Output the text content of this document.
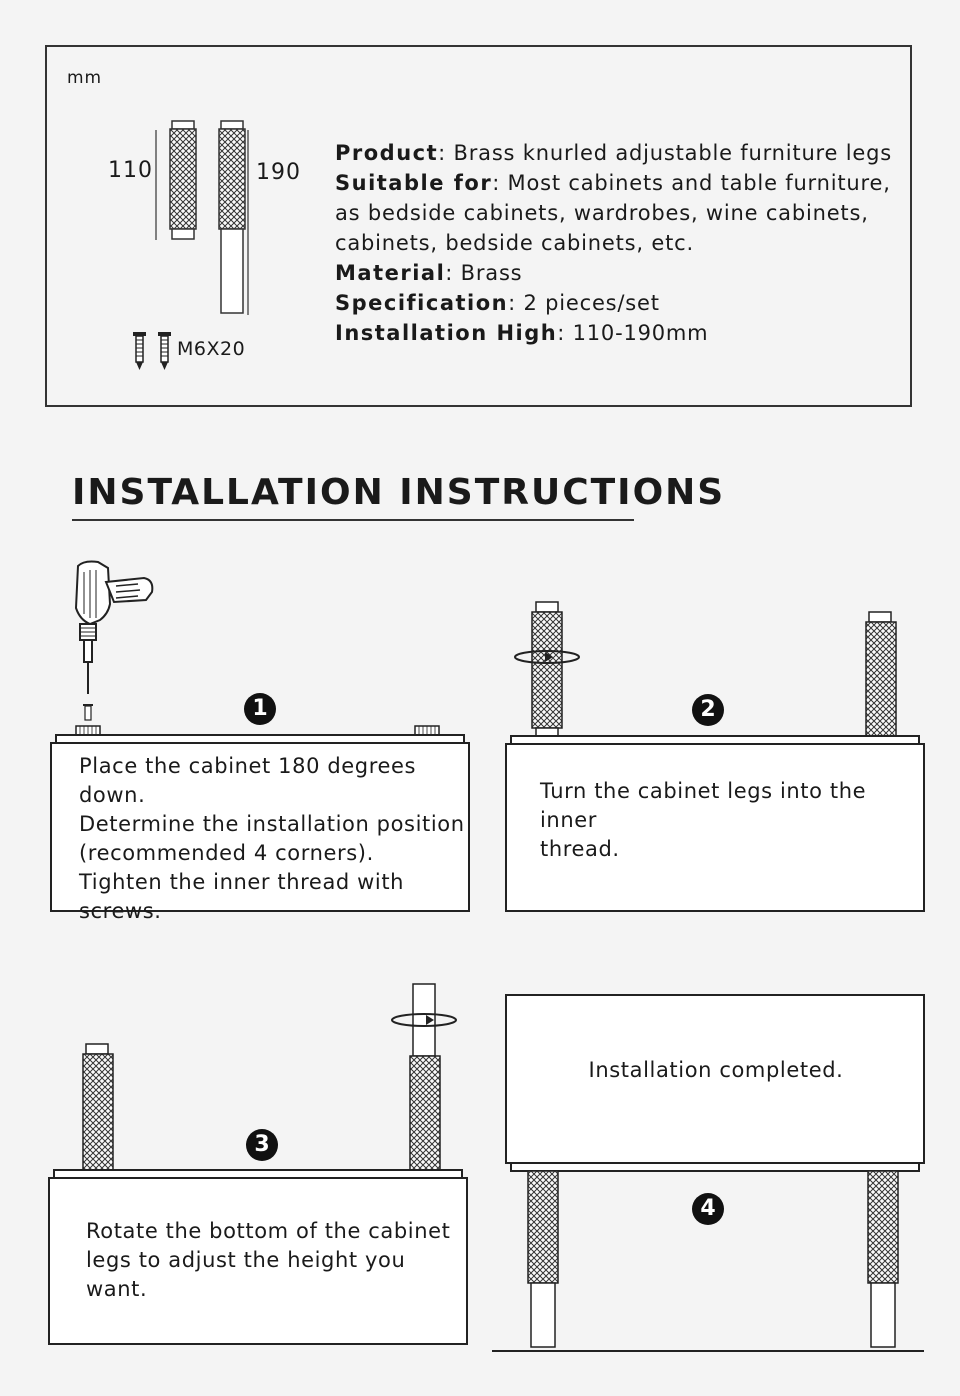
mm
110	190
M6X20
Product: Brass knurled adjustable furniture legs
Suitable for: Most cabinets and table furniture,
as bedside cabinets, wardrobes, wine cabinets,
cabinets, bedside cabinets, etc.
Material: Brass
Specification: 2 pieces/set
Installation High: 110-190mm
INSTALLATION INSTRUCTIONS
1
Place the cabinet 180 degrees
down.
Determine the installation position
(recommended 4 corners).
Tighten the inner thread with screws.
2
Turn the cabinet legs into the inner
thread.
3
Rotate the bottom of the cabinet
legs to adjust the height you want.
Installation completed.
4
